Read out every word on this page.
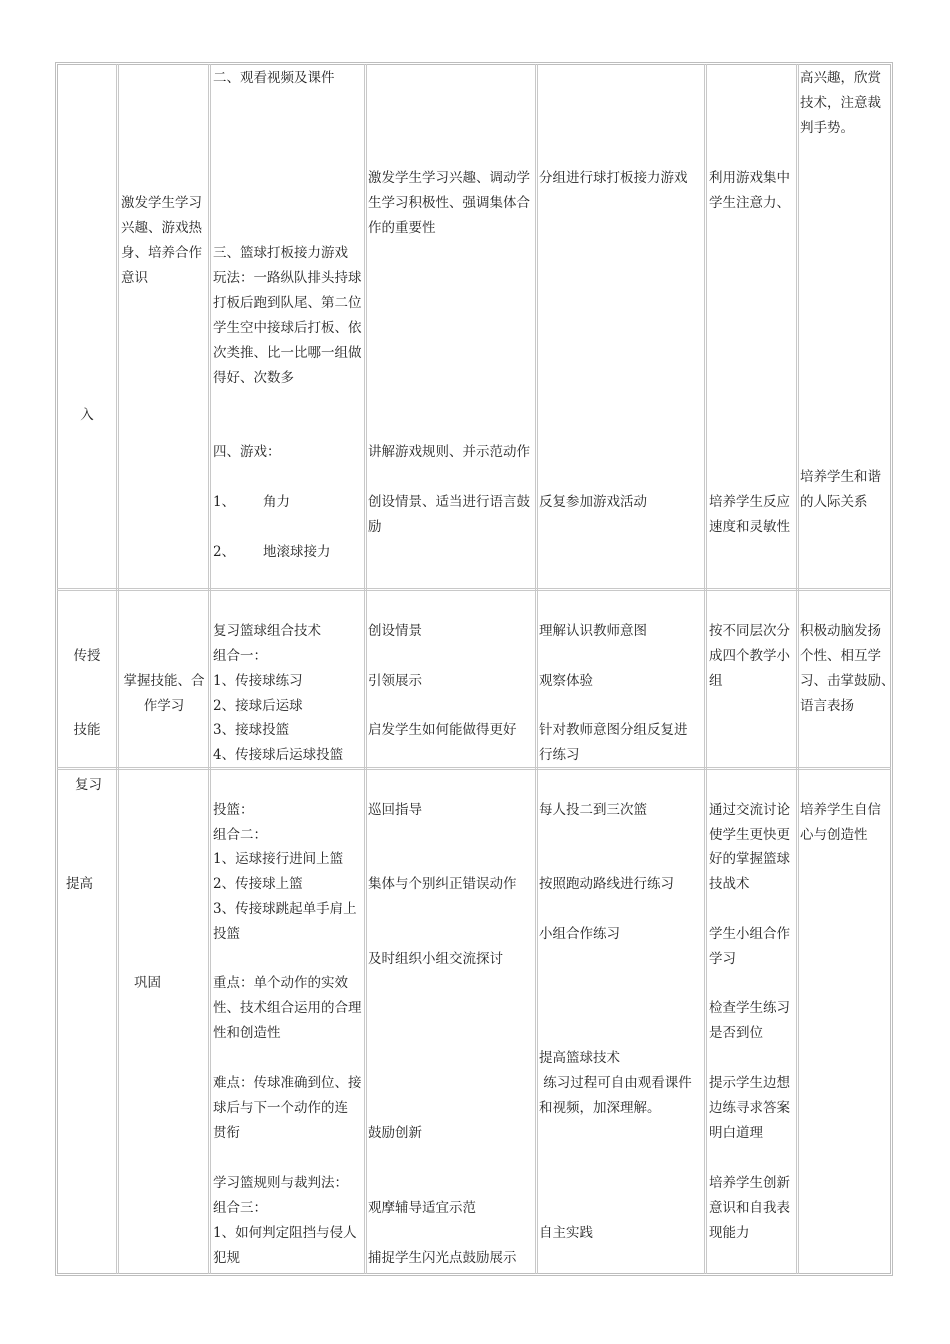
入
激发学生学习
兴趣、游戏热
身、培养合作
意识
二、观看视频及课件
三、篮球打板接力游戏
玩法：一路纵队排头持球
打板后跑到队尾、第二位
学生空中接球后打板、依
次类推、比一比哪一组做
得好、次数多
四、游戏：
1、 角力
2、 地滚球接力
激发学生学习兴趣、调动学
生学习积极性、强调集体合
作的重要性
讲解游戏规则、并示范动作
创设情景、适当进行语言鼓
励
分组进行球打板接力游戏
反复参加游戏活动
利用游戏集中
学生注意力、
培养学生反应
速度和灵敏性
高兴趣，欣赏
技术，注意裁
判手势。
培养学生和谐
的人际关系
传授
技能
掌握技能、合
作学习
复习篮球组合技术
组合一：
1、传接球练习
2、接球后运球
3、接球投篮
4、传接球后运球投篮
创设情景
引领展示
启发学生如何能做得更好
理解认识教师意图
观察体验
针对教师意图分组反复进
行练习
按不同层次分
成四个教学小
组
积极动脑发扬
个性、相互学
习、击掌鼓励、
语言表扬
复习
提高
巩固
投篮：
组合二：
1、运球接行进间上篮
2、传接球上篮
3、传接球跳起单手肩上
投篮
重点：单个动作的实效
性、技术组合运用的合理
性和创造性
难点：传球准确到位、接
球后与下一个动作的连
贯衔
学习篮规则与裁判法：
组合三：
1、如何判定阻挡与侵人
犯规
巡回指导
集体与个别纠正错误动作
及时组织小组交流探讨
鼓励创新
观摩辅导适宜示范
捕捉学生闪光点鼓励展示
每人投二到三次篮
按照跑动路线进行练习
小组合作练习
提高篮球技术
练习过程可自由观看课件
和视频，加深理解。
自主实践
通过交流讨论
使学生更快更
好的掌握篮球
技战术
学生小组合作
学习
检查学生练习
是否到位
提示学生边想
边练寻求答案
明白道理
培养学生创新
意识和自我表
现能力
培养学生自信
心与创造性
